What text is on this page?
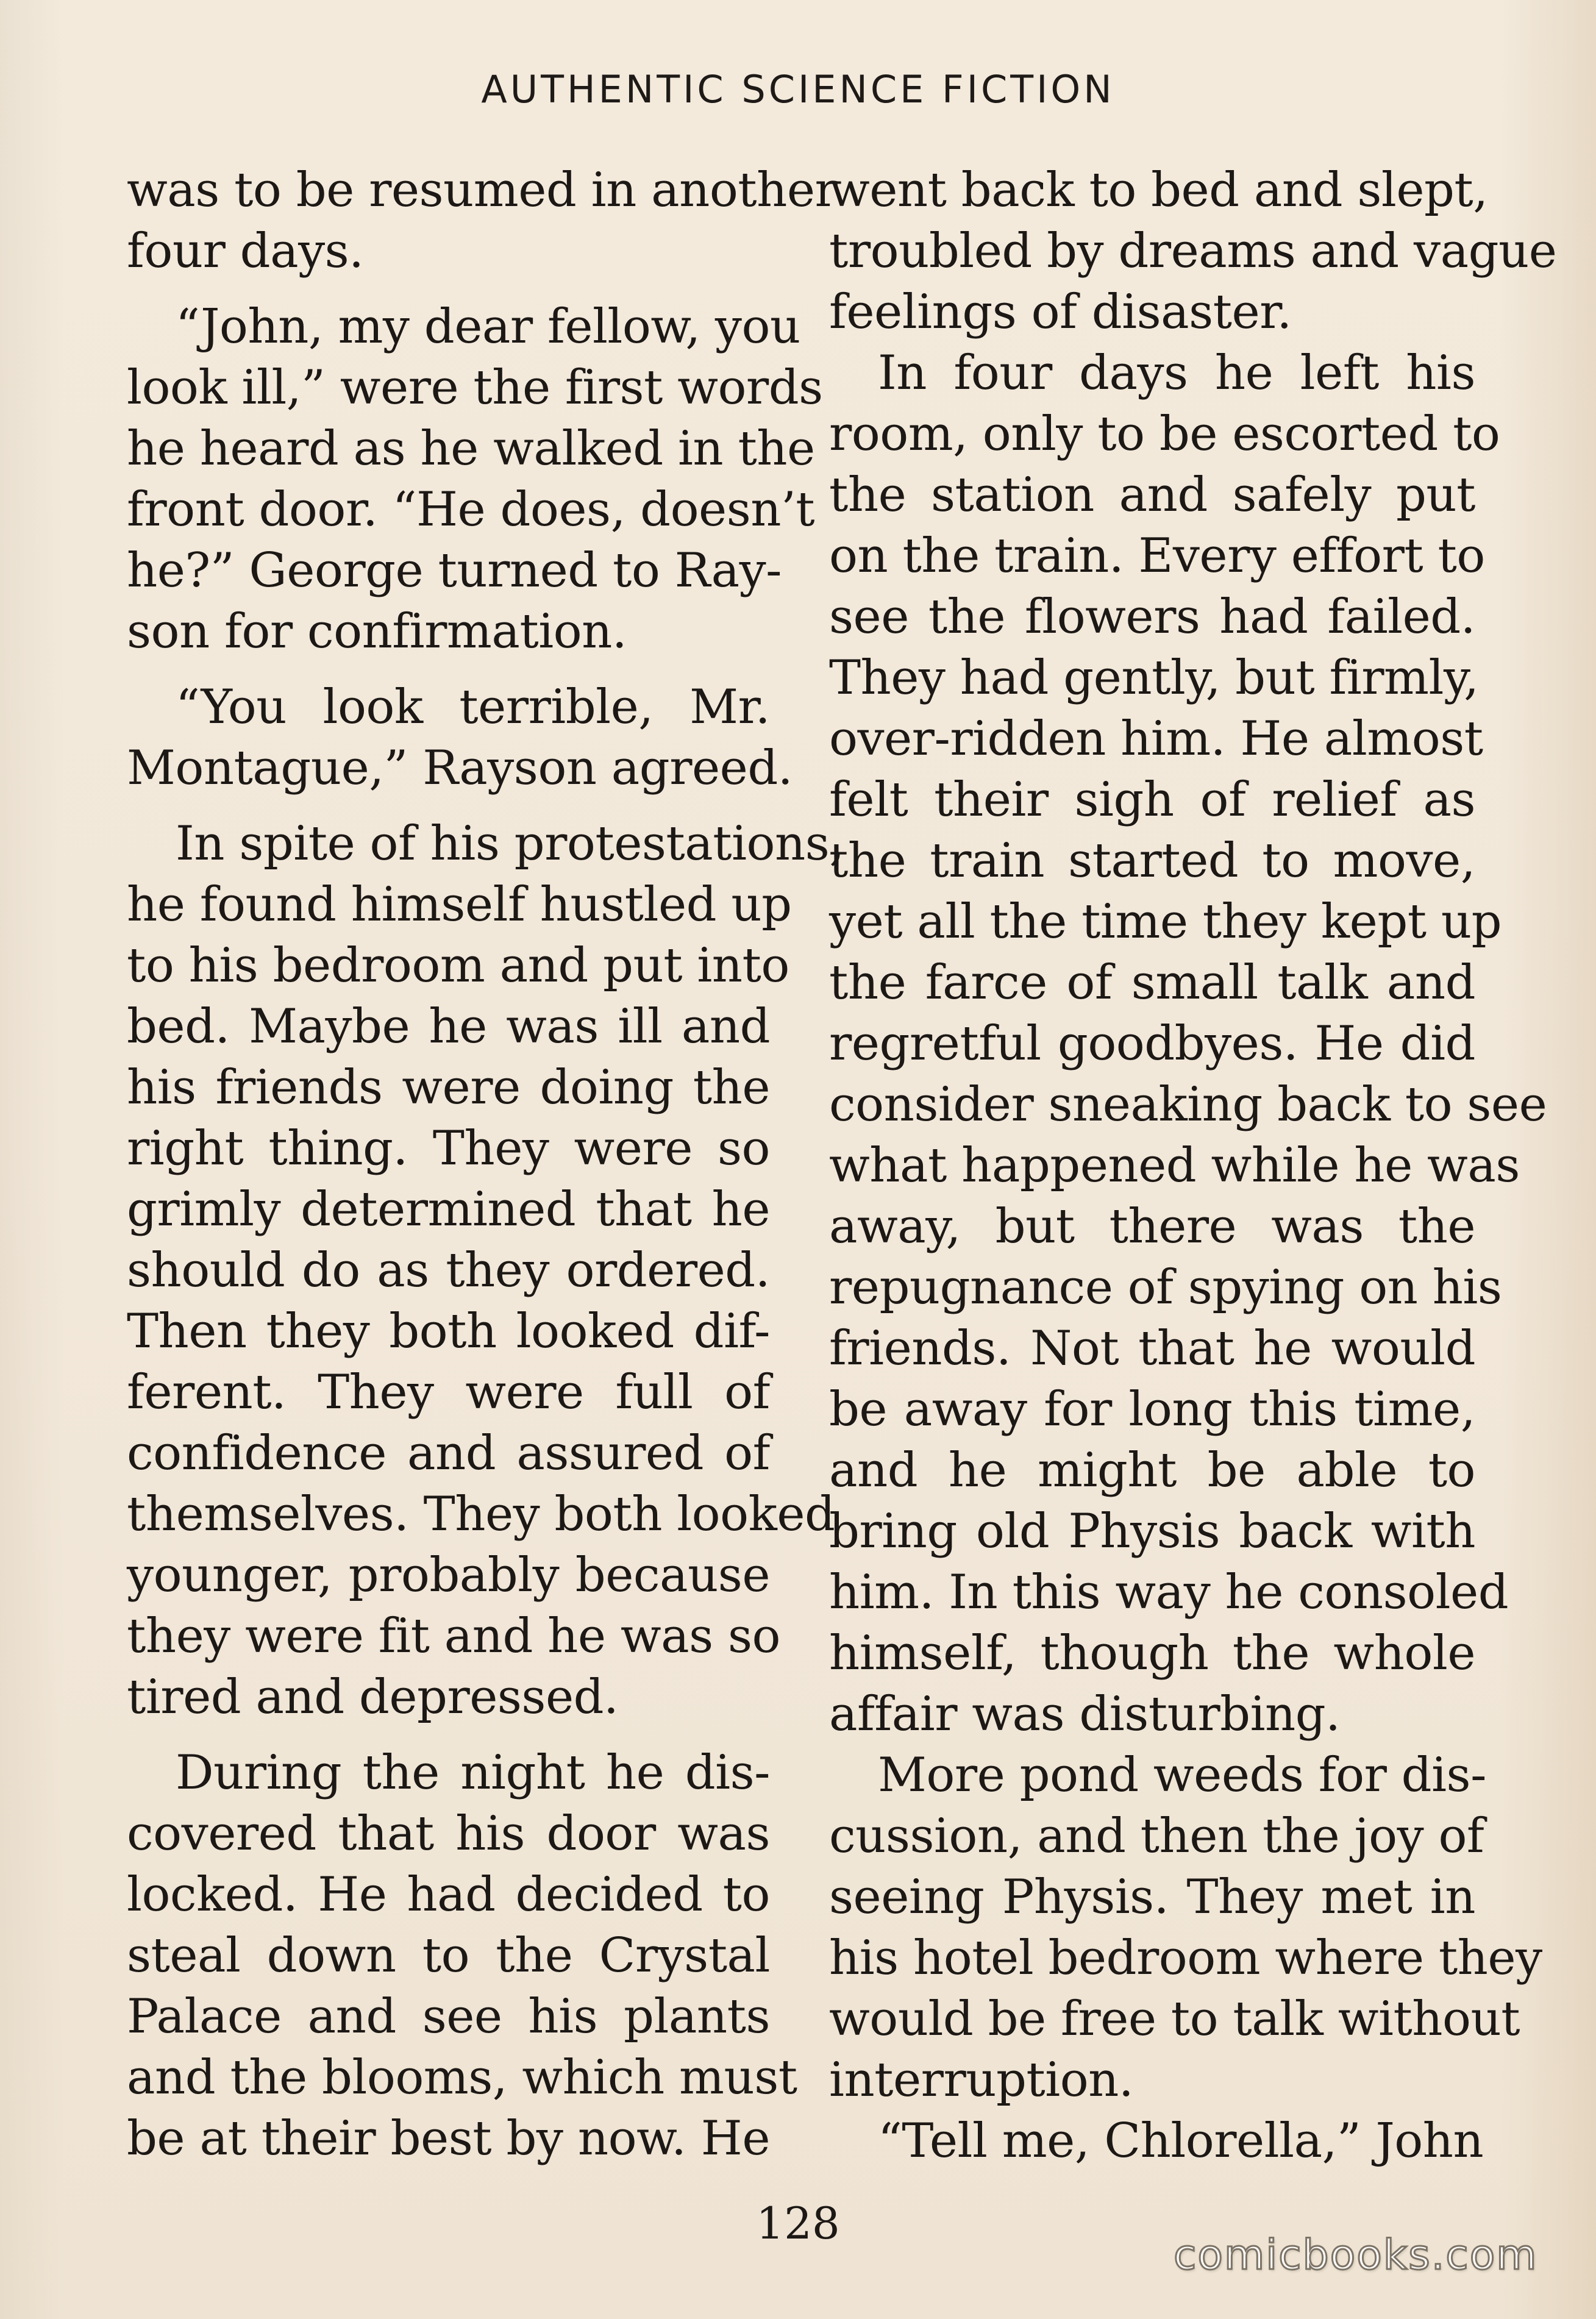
AUTHENTIC SCIENCE FICTION
was to be resumed in another
four days.
“John, my dear fellow, you
look ill,” were the first words
he heard as he walked in the
front door. “He does, doesn’t
he?” George turned to Ray-
son for confirmation.
“You look terrible, Mr.
Montague,” Rayson agreed.
In spite of his protestations,
he found himself hustled up
to his bedroom and put into
bed. Maybe he was ill and
his friends were doing the
right thing. They were so
grimly determined that he
should do as they ordered.
Then they both looked dif-
ferent. They were full of
confidence and assured of
themselves. They both looked
younger, probably because
they were fit and he was so
tired and depressed.
During the night he dis-
covered that his door was
locked. He had decided to
steal down to the Crystal
Palace and see his plants
and the blooms, which must
be at their best by now. He
went back to bed and slept,
troubled by dreams and vague
feelings of disaster.
In four days he left his
room, only to be escorted to
the station and safely put
on the train. Every effort to
see the flowers had failed.
They had gently, but firmly,
over-ridden him. He almost
felt their sigh of relief as
the train started to move,
yet all the time they kept up
the farce of small talk and
regretful goodbyes. He did
consider sneaking back to see
what happened while he was
away, but there was the
repugnance of spying on his
friends. Not that he would
be away for long this time,
and he might be able to
bring old Physis back with
him. In this way he consoled
himself, though the whole
affair was disturbing.
More pond weeds for dis-
cussion, and then the joy of
seeing Physis. They met in
his hotel bedroom where they
would be free to talk without
interruption.
“Tell me, Chlorella,” John
128
comicbooks.com
